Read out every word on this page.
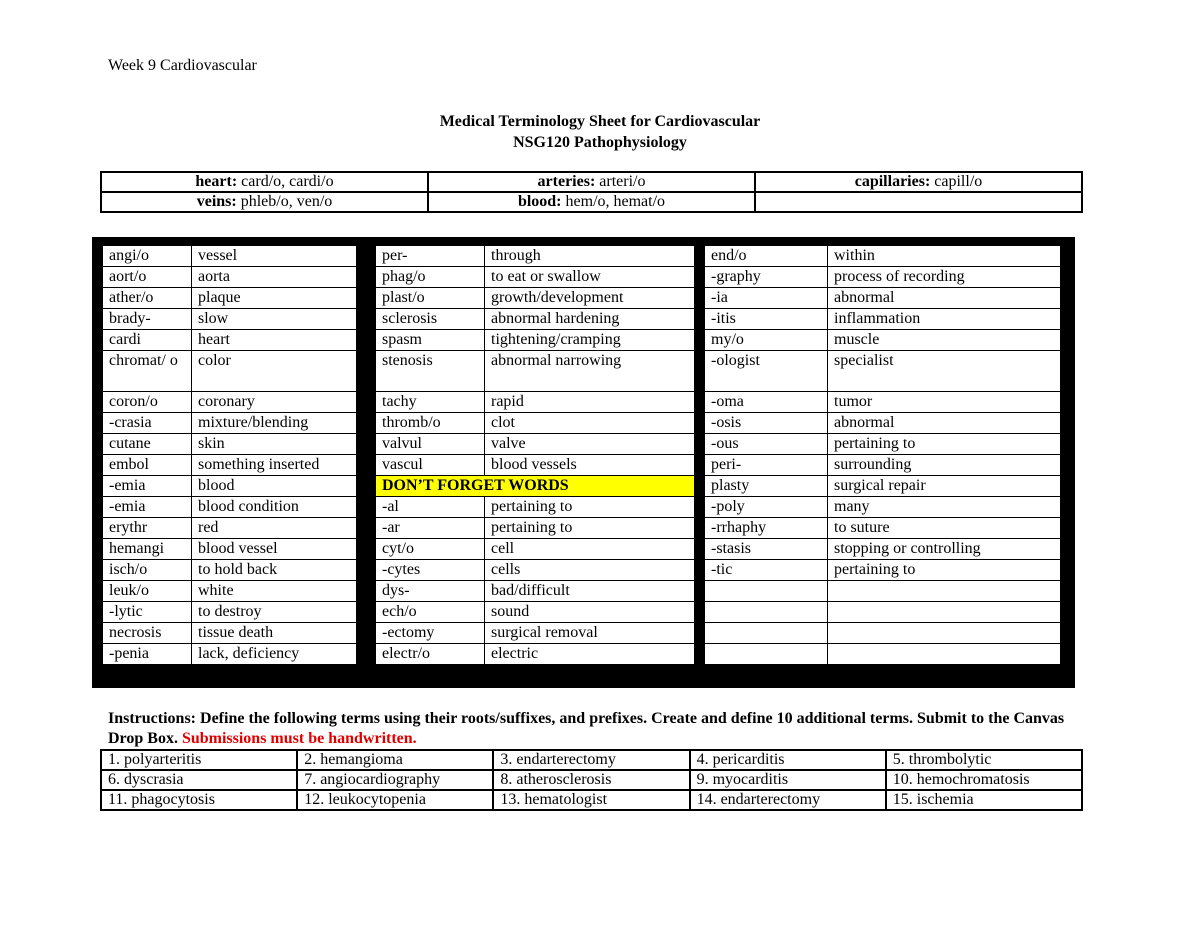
Week 9 Cardiovascular
Medical Terminology Sheet for Cardiovascular
NSG120 Pathophysiology
heart: card/o, cardi/o	arteries: arteri/o	capillaries: capill/o
veins: phleb/o, ven/o	blood: hem/o, hemat/o	
angi/o	vessel
aort/o	aorta
ather/o	plaque
brady-	slow
cardi	heart
chromat/ o	color
coron/o	coronary
-crasia	mixture/blending
cutane	skin
embol	something inserted
-emia	blood
-emia	blood condition
erythr	red
hemangi	blood vessel
isch/o	to hold back
leuk/o	white
-lytic	to destroy
necrosis	tissue death
-penia	lack, deficiency
per-	through
phag/o	to eat or swallow
plast/o	growth/development
sclerosis	abnormal hardening
spasm	tightening/cramping
stenosis	abnormal narrowing
tachy	rapid
thromb/o	clot
valvul	valve
vascul	blood vessels
DON’T FORGET WORDS	
-al	pertaining to
-ar	pertaining to
cyt/o	cell
-cytes	cells
dys-	bad/difficult
ech/o	sound
-ectomy	surgical removal
electr/o	electric
end/o	within
-graphy	process of recording
-ia	abnormal
-itis	inflammation
my/o	muscle
-ologist	specialist
-oma	tumor
-osis	abnormal
-ous	pertaining to
peri-	surrounding
plasty	surgical repair
-poly	many
-rrhaphy	to suture
-stasis	stopping or controlling
-tic	pertaining to

Instructions: Define the following terms using their roots/suffixes, and prefixes. Create and define 10 additional terms. Submit to the Canvas Drop Box. Submissions must be handwritten.
1. polyarteritis	2. hemangioma	3. endarterectomy	4. pericarditis	5. thrombolytic
6. dyscrasia	7. angiocardiography	8. atherosclerosis	9. myocarditis	10. hemochromatosis
11. phagocytosis	12. leukocytopenia	13. hematologist	14. endarterectomy	15. ischemia
